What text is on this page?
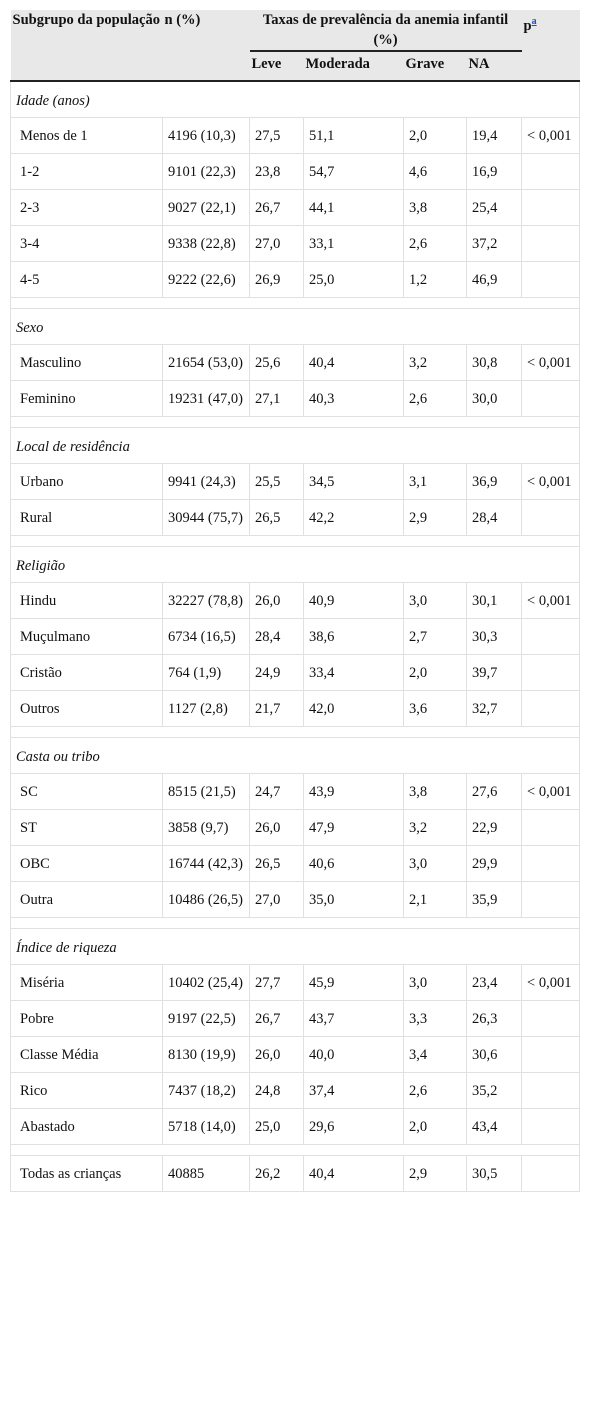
Subgrupo da população	n (%)	Taxas de prevalência da anemia infantil (%)				p$^a$
		Leve	Moderada	Grave	NA	
Idade (anos)						
Menos de 1	4196 (10,3)	27,5	51,1	2,0	19,4	< 0,001
1-2	9101 (22,3)	23,8	54,7	4,6	16,9	
2-3	9027 (22,1)	26,7	44,1	3,8	25,4	
3-4	9338 (22,8)	27,0	33,1	2,6	37,2	
4-5	9222 (22,6)	26,9	25,0	1,2	46,9	

Sexo						
Masculino	21654 (53,0)	25,6	40,4	3,2	30,8	< 0,001
Feminino	19231 (47,0)	27,1	40,3	2,6	30,0	

Local de residência						
Urbano	9941 (24,3)	25,5	34,5	3,1	36,9	< 0,001
Rural	30944 (75,7)	26,5	42,2	2,9	28,4	

Religião						
Hindu	32227 (78,8)	26,0	40,9	3,0	30,1	< 0,001
Muçulmano	6734 (16,5)	28,4	38,6	2,7	30,3	
Cristão	764 (1,9)	24,9	33,4	2,0	39,7	
Outros	1127 (2,8)	21,7	42,0	3,6	32,7	

Casta ou tribo						
SC	8515 (21,5)	24,7	43,9	3,8	27,6	< 0,001
ST	3858 (9,7)	26,0	47,9	3,2	22,9	
OBC	16744 (42,3)	26,5	40,6	3,0	29,9	
Outra	10486 (26,5)	27,0	35,0	2,1	35,9	

Índice de riqueza						
Miséria	10402 (25,4)	27,7	45,9	3,0	23,4	< 0,001
Pobre	9197 (22,5)	26,7	43,7	3,3	26,3	
Classe Média	8130 (19,9)	26,0	40,0	3,4	30,6	
Rico	7437 (18,2)	24,8	37,4	2,6	35,2	
Abastado	5718 (14,0)	25,0	29,6	2,0	43,4	

Todas as crianças	40885	26,2	40,4	2,9	30,5	
